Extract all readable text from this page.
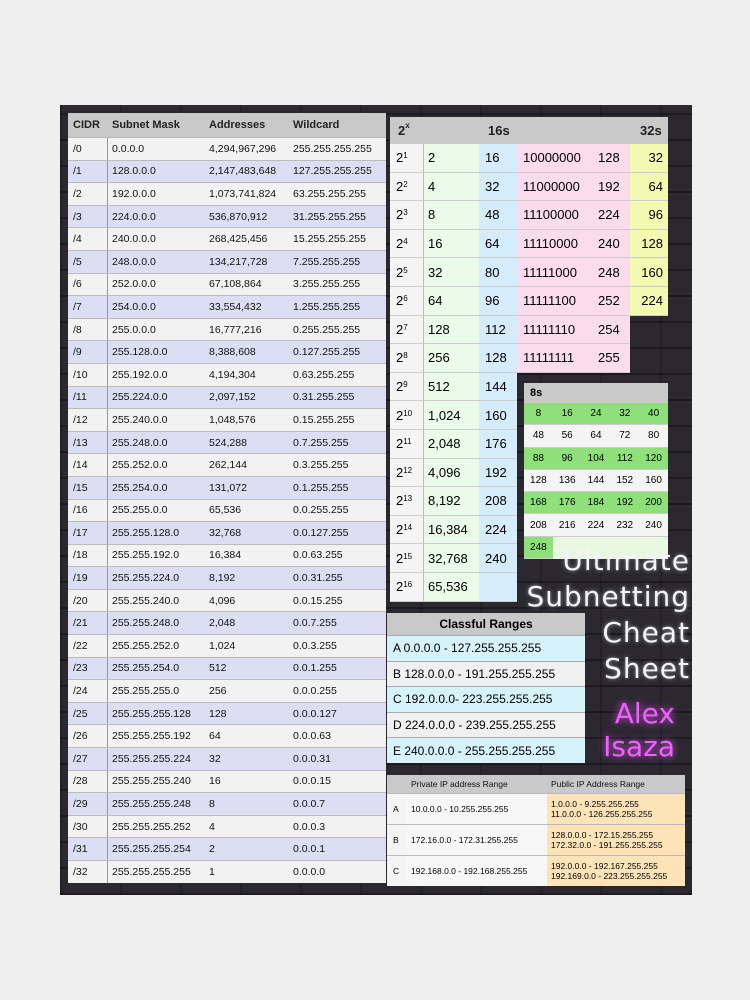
CIDR	Subnet Mask	Addresses	Wildcard
/0	0.0.0.0	4,294,967,296	255.255.255.255
/1	128.0.0.0	2,147,483,648	127.255.255.255
/2	192.0.0.0	1,073,741,824	63.255.255.255
/3	224.0.0.0	536,870,912	31.255.255.255
/4	240.0.0.0	268,425,456	15.255.255.255
/5	248.0.0.0	134,217,728	7.255.255.255
/6	252.0.0.0	67,108,864	3.255.255.255
/7	254.0.0.0	33,554,432	1.255.255.255
/8	255.0.0.0	16,777,216	0.255.255.255
/9	255.128.0.0	8,388,608	0.127.255.255
/10	255.192.0.0	4,194,304	0.63.255.255
/11	255.224.0.0	2,097,152	0.31.255.255
/12	255.240.0.0	1,048,576	0.15.255.255
/13	255.248.0.0	524,288	0.7.255.255
/14	255.252.0.0	262,144	0.3.255.255
/15	255.254.0.0	131,072	0.1.255.255
/16	255.255.0.0	65,536	0.0.255.255
/17	255.255.128.0	32,768	0.0.127.255
/18	255.255.192.0	16,384	0.0.63.255
/19	255.255.224.0	8,192	0.0.31.255
/20	255.255.240.0	4,096	0.0.15.255
/21	255.255.248.0	2,048	0.0.7.255
/22	255.255.252.0	1,024	0.0.3.255
/23	255.255.254.0	512	0.0.1.255
/24	255.255.255.0	256	0.0.0.255
/25	255.255.255.128	128	0.0.0.127
/26	255.255.255.192	64	0.0.0.63
/27	255.255.255.224	32	0.0.0.31
/28	255.255.255.240	16	0.0.0.15
/29	255.255.255.248	8	0.0.0.7
/30	255.255.255.252	4	0.0.0.3
/31	255.255.255.254	2	0.0.0.1
/32	255.255.255.255	1	0.0.0.0
2$^x$	16s	32s
$2^1$	2	16	10000000	128	32
$2^2$	4	32	11000000	192	64
$2^3$	8	48	11100000	224	96
$2^4$	16	64	11110000	240	128
$2^5$	32	80	11111000	248	160
$2^6$	64	96	11111100	252	224
$2^7$	128	112	11111110	254
$2^8$	256	128	11111111	255
$2^9$	512	144
$2^{10}$	1,024	160
$2^{11}$	2,048	176
$2^{12}$	4,096	192
$2^{13}$	8,192	208
$2^{14}$	16,384	224
$2^{15}$	32,768	240
$2^{16}$	65,536
8s
8	16	24	32	40
48	56	64	72	80
88	96	104	112	120
128	136	144	152	160
168	176	184	192	200
208	216	224	232	240
248 Ultimate
Subnetting
Cheat
Sheet
Alex
Isaza
Classful Ranges
A 0.0.0.0 - 127.255.255.255
B 128.0.0.0 - 191.255.255.255
C 192.0.0.0- 223.255.255.255
D 224.0.0.0 - 239.255.255.255
E 240.0.0.0 - 255.255.255.255
Private IP address Range	Public IP Address Range
A	10.0.0.0 - 10.255.255.255	1.0.0.0 - 9.255.255.255
11.0.0.0 - 126.255.255.255
B	172.16.0.0 - 172.31.255.255	128.0.0.0 - 172.15.255.255
172.32.0.0 - 191.255.255.255
C	192.168.0.0 - 192.168.255.255	192.0.0.0 - 192.167.255.255
192.169.0.0 - 223.255.255.255
